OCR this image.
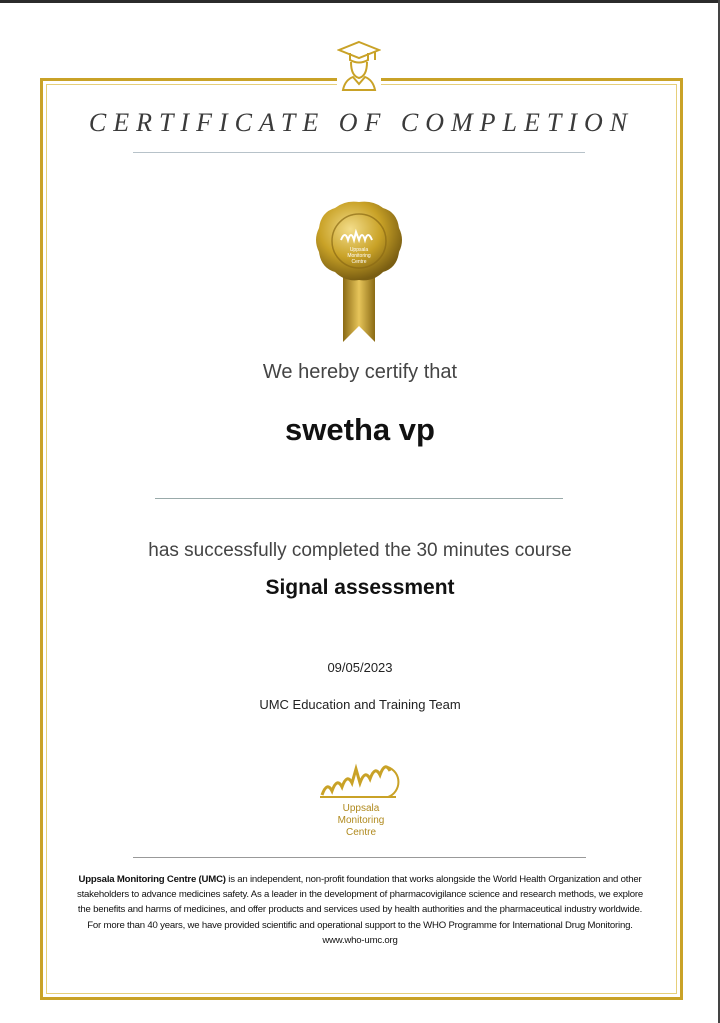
CERTIFICATE OF COMPLETION
Uppsala
Monitoring
Centre
We hereby certify that
swetha vp
has successfully completed the 30 minutes course
Signal assessment
09/05/2023
UMC Education and Training Team
Uppsala
Monitoring
Centre
Uppsala Monitoring Centre (UMC) is an independent, non-profit foundation that works alongside the World Health Organization and other stakeholders to advance medicines safety. As a leader in the development of pharmacovigilance science and research methods, we explore the benefits and harms of medicines, and offer products and services used by health authorities and the pharmaceutical industry worldwide. For more than 40 years, we have provided scientific and operational support to the WHO Programme for International Drug Monitoring. www.who-umc.org
